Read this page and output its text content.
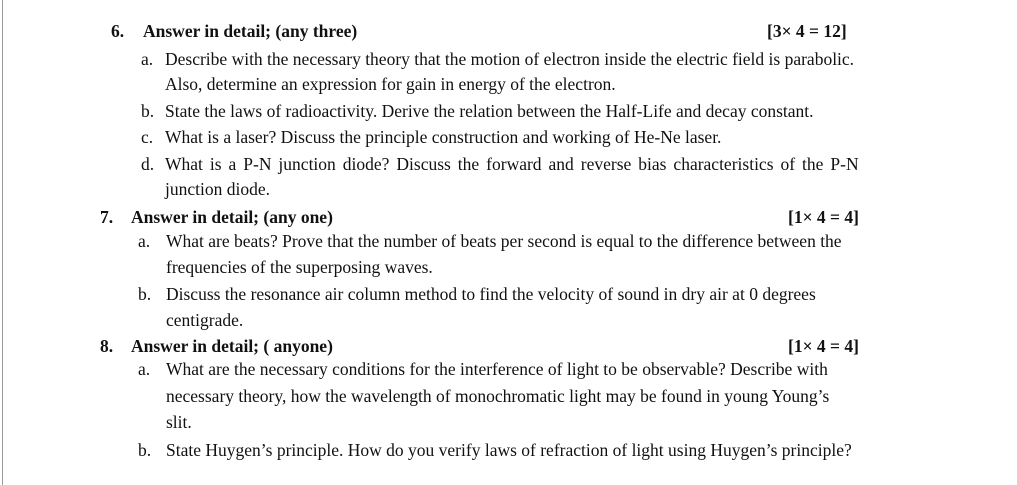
6. Answer in detail; (any three)	[3× 4 = 12]
a. Describe with the necessary theory that the motion of electron inside the electric field is parabolic.
Also, determine an expression for gain in energy of the electron.
b. State the laws of radioactivity. Derive the relation between the Half-Life and decay constant.
c. What is a laser? Discuss the principle construction and working of He-Ne laser.
d. What is a P-N junction diode? Discuss the forward and reverse bias characteristics of the P-N
junction diode.
7. Answer in detail; (any one)	[1× 4 = 4]
a. What are beats? Prove that the number of beats per second is equal to the difference between the
frequencies of the superposing waves.
b. Discuss the resonance air column method to find the velocity of sound in dry air at 0 degrees
centigrade.
8. Answer in detail; ( anyone)	[1× 4 = 4]
a. What are the necessary conditions for the interference of light to be observable? Describe with
necessary theory, how the wavelength of monochromatic light may be found in young Young’s
slit.
b. State Huygen’s principle. How do you verify laws of refraction of light using Huygen’s principle?
